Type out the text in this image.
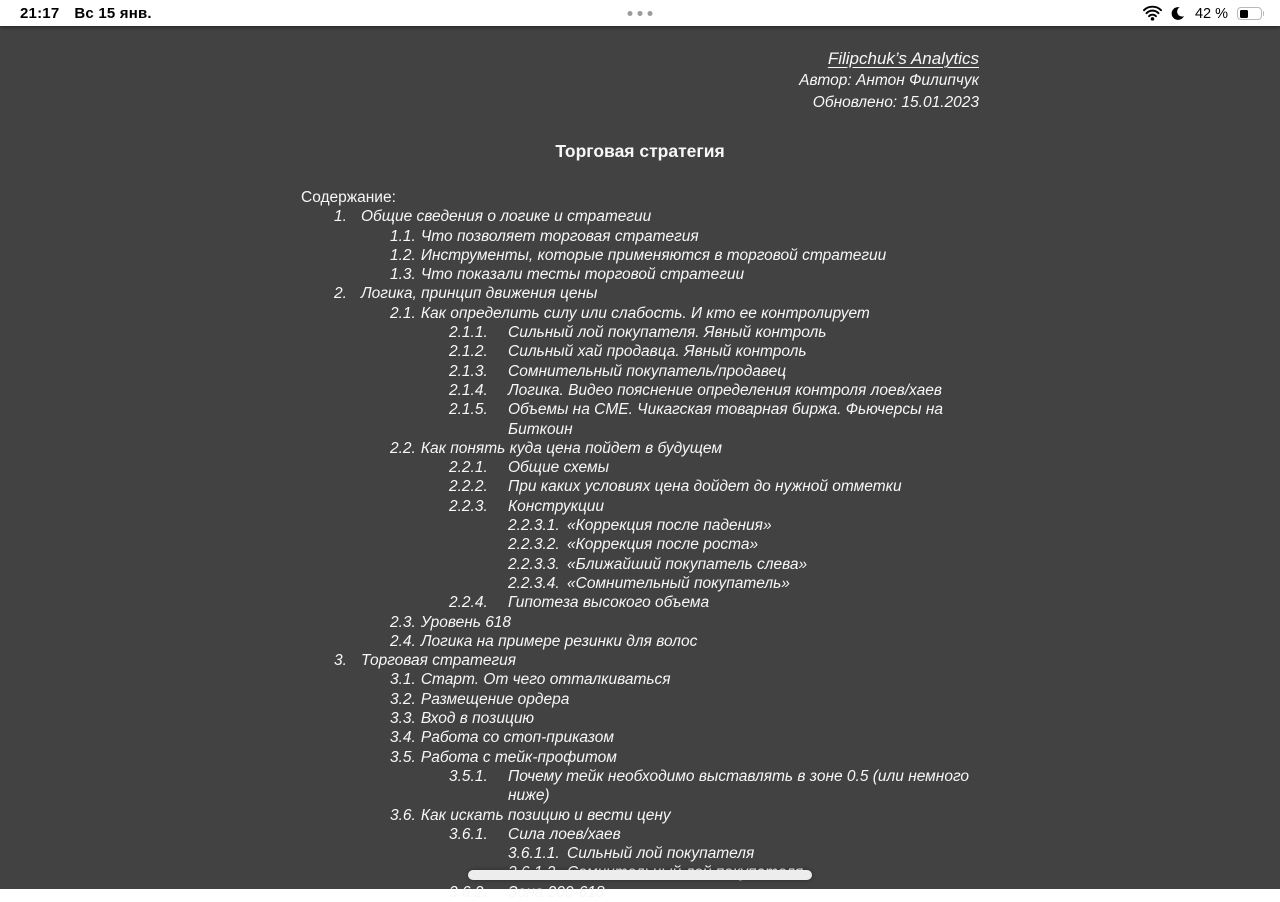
21:17 Вс 15 янв.	42 %
Filipchuk’s Analytics
Автор: Антон Филипчук
Обновлено: 15.01.2023
Торговая стратегия
Содержание:
1. Общие сведения о логике и стратегии
1.1. Что позволяет торговая стратегия
1.2. Инструменты, которые применяются в торговой стратегии
1.3. Что показали тесты торговой стратегии
2. Логика, принцип движения цены
2.1. Как определить силу или слабость. И кто ее контролирует
2.1.1.	Сильный лой покупателя. Явный контроль
2.1.2.	Сильный хай продавца. Явный контроль
2.1.3.	Сомнительный покупатель/продавец
2.1.4.	Логика. Видео пояснение определения контроля лоев/хаев
2.1.5.	Объемы на CME. Чикагская товарная биржа. Фьючерсы на
Биткоин
2.2. Как понять куда цена пойдет в будущем
2.2.1.	Общие схемы
2.2.2.	При каких условиях цена дойдет до нужной отметки
2.2.3.	Конструкции
2.2.3.1. «Коррекция после падения»
2.2.3.2. «Коррекция после роста»
2.2.3.3. «Ближайший покупатель слева»
2.2.3.4. «Сомнительный покупатель»
2.2.4.	Гипотеза высокого объема
2.3. Уровень 618
2.4. Логика на примере резинки для волос
3. Торговая стратегия
3.1. Старт. От чего отталкиваться
3.2. Размещение ордера
3.3. Вход в позицию
3.4. Работа со стоп-приказом
3.5. Работа с тейк-профитом
3.5.1.	Почему тейк необходимо выставлять в зоне 0.5 (или немного
ниже)
3.6. Как искать позицию и вести цену
3.6.1.	Сила лоев/хаев
3.6.1.1. Сильный лой покупателя
3.6.2.	Зона 200-618
